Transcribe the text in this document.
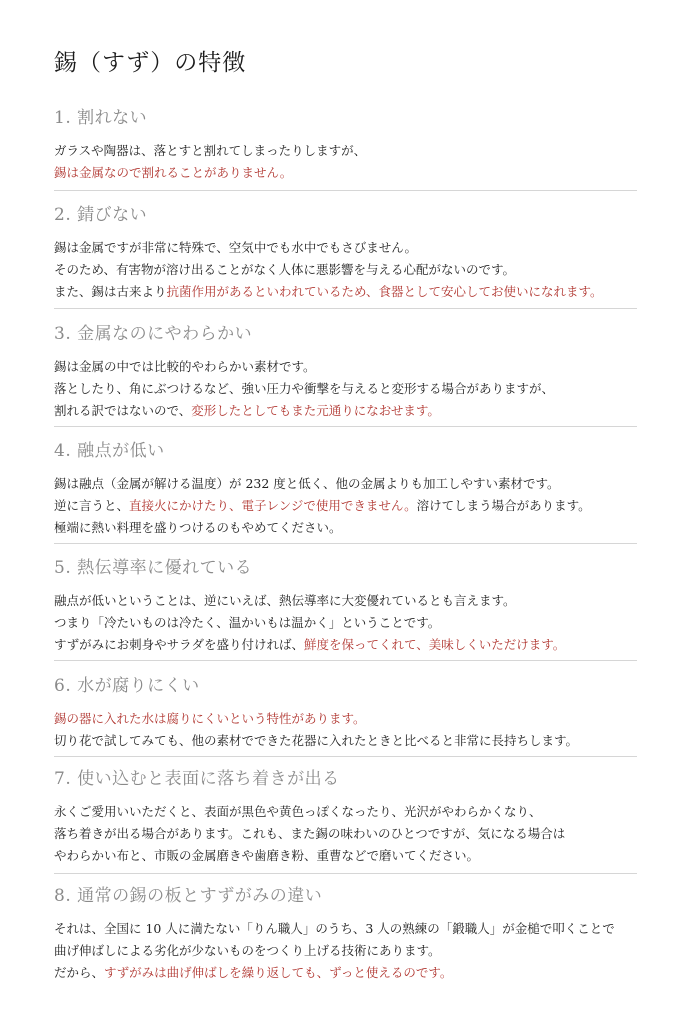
錫（すず）の特徴
1. 割れない
ガラスや陶器は、落とすと割れてしまったりしますが、
錫は金属なので割れることがありません。
2. 錆びない
錫は金属ですが非常に特殊で、空気中でも水中でもさびません。
そのため、有害物が溶け出ることがなく人体に悪影響を与える心配がないのです。
また、錫は古来より抗菌作用があるといわれているため、食器として安心してお使いになれます。
3. 金属なのにやわらかい
錫は金属の中では比較的やわらかい素材です。
落としたり、角にぶつけるなど、強い圧力や衝撃を与えると変形する場合がありますが、
割れる訳ではないので、変形したとしてもまた元通りになおせます。
4. 融点が低い
錫は融点（金属が解ける温度）が 232 度と低く、他の金属よりも加工しやすい素材です。
逆に言うと、直接火にかけたり、電子レンジで使用できません。溶けてしまう場合があります。
極端に熱い料理を盛りつけるのもやめてください。
5. 熱伝導率に優れている
融点が低いということは、逆にいえば、熱伝導率に大変優れているとも言えます。
つまり「冷たいものは冷たく、温かいもは温かく」ということです。
すずがみにお刺身やサラダを盛り付ければ、鮮度を保ってくれて、美味しくいただけます。
6. 水が腐りにくい
錫の器に入れた水は腐りにくいという特性があります。
切り花で試してみても、他の素材でできた花器に入れたときと比べると非常に長持ちします。
7. 使い込むと表面に落ち着きが出る
永くご愛用いいただくと、表面が黒色や黄色っぽくなったり、光沢がやわらかくなり、
落ち着きが出る場合があります。これも、また錫の味わいのひとつですが、気になる場合は
やわらかい布と、市販の金属磨きや歯磨き粉、重曹などで磨いてください。
8. 通常の錫の板とすずがみの違い
それは、全国に 10 人に満たない「りん職人」のうち、3 人の熟練の「鍛職人」が金槌で叩くことで
曲げ伸ばしによる劣化が少ないものをつくり上げる技術にあります。
だから、すずがみは曲げ伸ばしを繰り返しても、ずっと使えるのです。
